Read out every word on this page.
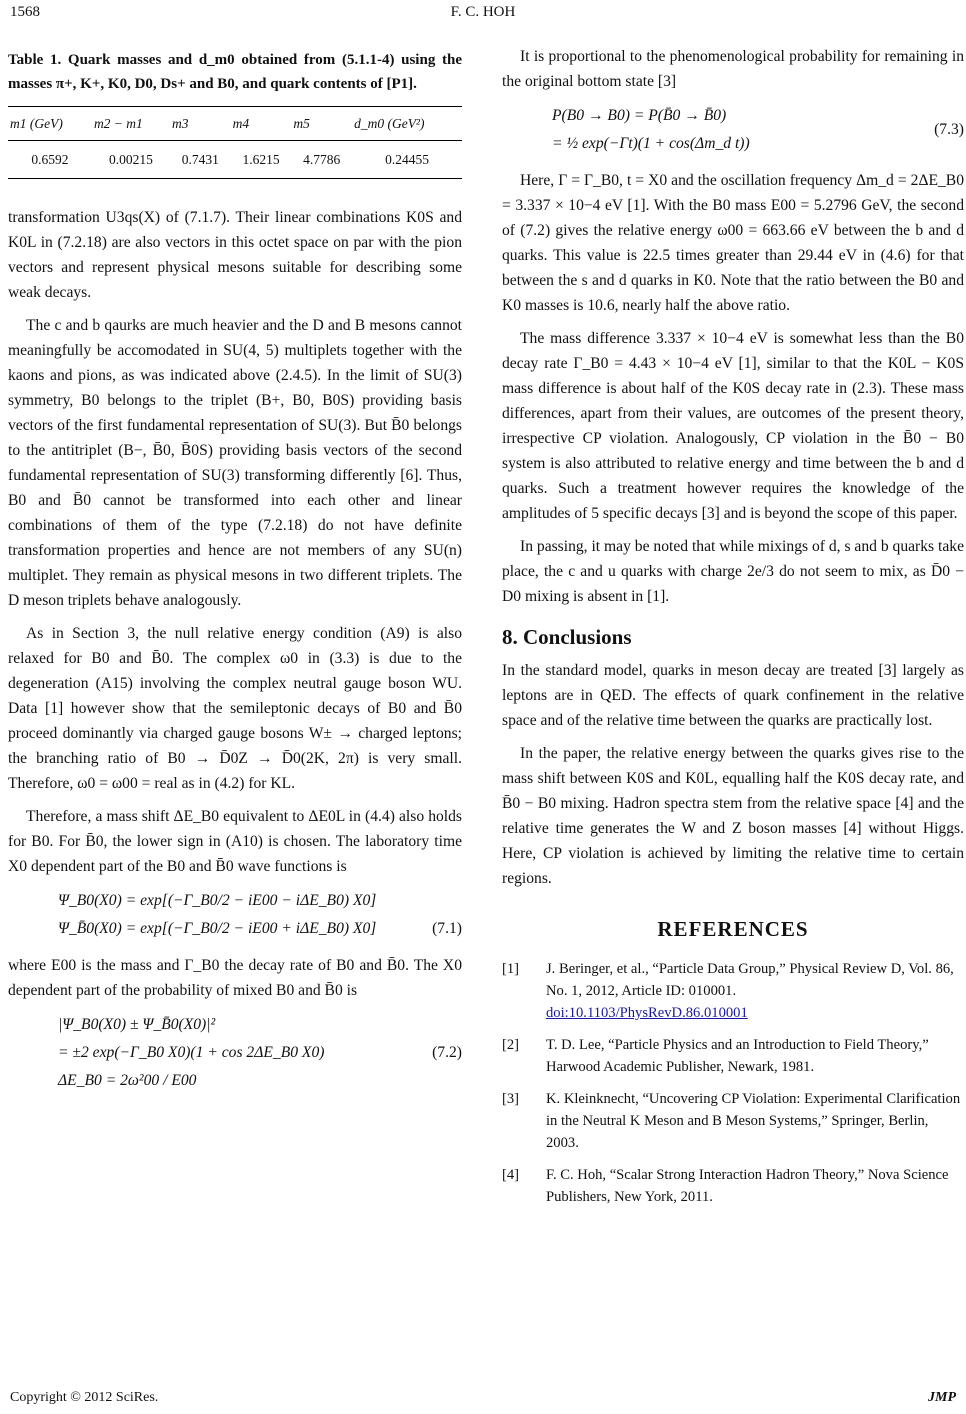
1568	F. C. HOH
Table 1. Quark masses and d_m0 obtained from (5.1.1-4) using the masses π+, K+, K0, D0, Ds+ and B0, and quark contents of [P1].
m1 (GeV)	m2 − m1	m3	m4	m5	d_m0 (GeV²)
0.6592	0.00215	0.7431	1.6215	4.7786	0.24455

transformation U3qs(X) of (7.1.7). Their linear combinations K0S and K0L in (7.2.18) are also vectors in this octet space on par with the pion vectors and represent physical mesons suitable for describing some weak decays.

The c and b qaurks are much heavier and the D and B mesons cannot meaningfully be accomodated in SU(4, 5) multiplets together with the kaons and pions, as was indicated above (2.4.5). In the limit of SU(3) symmetry, B0 belongs to the triplet (B+, B0, B0S) providing basis vectors of the first fundamental representation of SU(3). But B̄0 belongs to the antitriplet (B−, B̄0, B̄0S) providing basis vectors of the second fundamental representation of SU(3) transforming differently [6]. Thus, B0 and B̄0 cannot be transformed into each other and linear combinations of them of the type (7.2.18) do not have definite transformation properties and hence are not members of any SU(n) multiplet. They remain as physical mesons in two different triplets. The D meson triplets behave analogously.

As in Section 3, the null relative energy condition (A9) is also relaxed for B0 and B̄0. The complex ω0 in (3.3) is due to the degeneration (A15) involving the complex neutral gauge boson WU. Data [1] however show that the semileptonic decays of B0 and B̄0 proceed dominantly via charged gauge bosons W± → charged leptons; the branching ratio of B0 → D̄0Z → D̄0(2K, 2π) is very small. Therefore, ω0 = ω00 = real as in (4.2) for KL.

Therefore, a mass shift ΔE_B0 equivalent to ΔE0L in (4.4) also holds for B0. For B̄0, the lower sign in (A10) is chosen. The laboratory time X0 dependent part of the B0 and B̄0 wave functions is

(7.1)
Ψ_B0(X0) = exp[(−Γ_B0/2 − iE00 − iΔE_B0) X0]
Ψ_B̄0(X0) = exp[(−Γ_B0/2 − iE00 + iΔE_B0) X0]

where E00 is the mass and Γ_B0 the decay rate of B0 and B̄0. The X0 dependent part of the probability of mixed B0 and B̄0 is

(7.2)
|Ψ_B0(X0) ± Ψ_B̄0(X0)|²
= ±2 exp(−Γ_B0 X0)(1 + cos 2ΔE_B0 X0)
ΔE_B0 = 2ω²00 / E00

It is proportional to the phenomenological probability for remaining in the original bottom state [3]

(7.3)
P(B0 → B0) = P(B̄0 → B̄0)
= ½ exp(−Γt)(1 + cos(Δm_d t))

Here, Γ = Γ_B0, t = X0 and the oscillation frequency Δm_d = 2ΔE_B0 = 3.337 × 10−4 eV [1]. With the B0 mass E00 = 5.2796 GeV, the second of (7.2) gives the relative energy ω00 = 663.66 eV between the b and d quarks. This value is 22.5 times greater than 29.44 eV in (4.6) for that between the s and d quarks in K0. Note that the ratio between the B0 and K0 masses is 10.6, nearly half the above ratio.

The mass difference 3.337 × 10−4 eV is somewhat less than the B0 decay rate Γ_B0 = 4.43 × 10−4 eV [1], similar to that the K0L − K0S mass difference is about half of the K0S decay rate in (2.3). These mass differences, apart from their values, are outcomes of the present theory, irrespective CP violation. Analogously, CP violation in the B̄0 − B0 system is also attributed to relative energy and time between the b and d quarks. Such a treatment however requires the knowledge of the amplitudes of 5 specific decays [3] and is beyond the scope of this paper.

In passing, it may be noted that while mixings of d, s and b quarks take place, the c and u quarks with charge 2e/3 do not seem to mix, as D̄0 − D0 mixing is absent in [1].

8. Conclusions

In the standard model, quarks in meson decay are treated [3] largely as leptons are in QED. The effects of quark confinement in the relative space and of the relative time between the quarks are practically lost.

In the paper, the relative energy between the quarks gives rise to the mass shift between K0S and K0L, equalling half the K0S decay rate, and B̄0 − B0 mixing. Hadron spectra stem from the relative space [4] and the relative time generates the W and Z boson masses [4] without Higgs. Here, CP violation is achieved by limiting the relative time to certain regions.

REFERENCES
[1]	J. Beringer, et al., “Particle Data Group,” Physical Review D, Vol. 86, No. 1, 2012, Article ID: 010001.
doi:10.1103/PhysRevD.86.010001
[2]	T. D. Lee, “Particle Physics and an Introduction to Field Theory,” Harwood Academic Publisher, Newark, 1981.
[3]	K. Kleinknecht, “Uncovering CP Violation: Experimental Clarification in the Neutral K Meson and B Meson Systems,” Springer, Berlin, 2003.
[4]	F. C. Hoh, “Scalar Strong Interaction Hadron Theory,” Nova Science Publishers, New York, 2011.
Copyright © 2012 SciRes.	JMP
